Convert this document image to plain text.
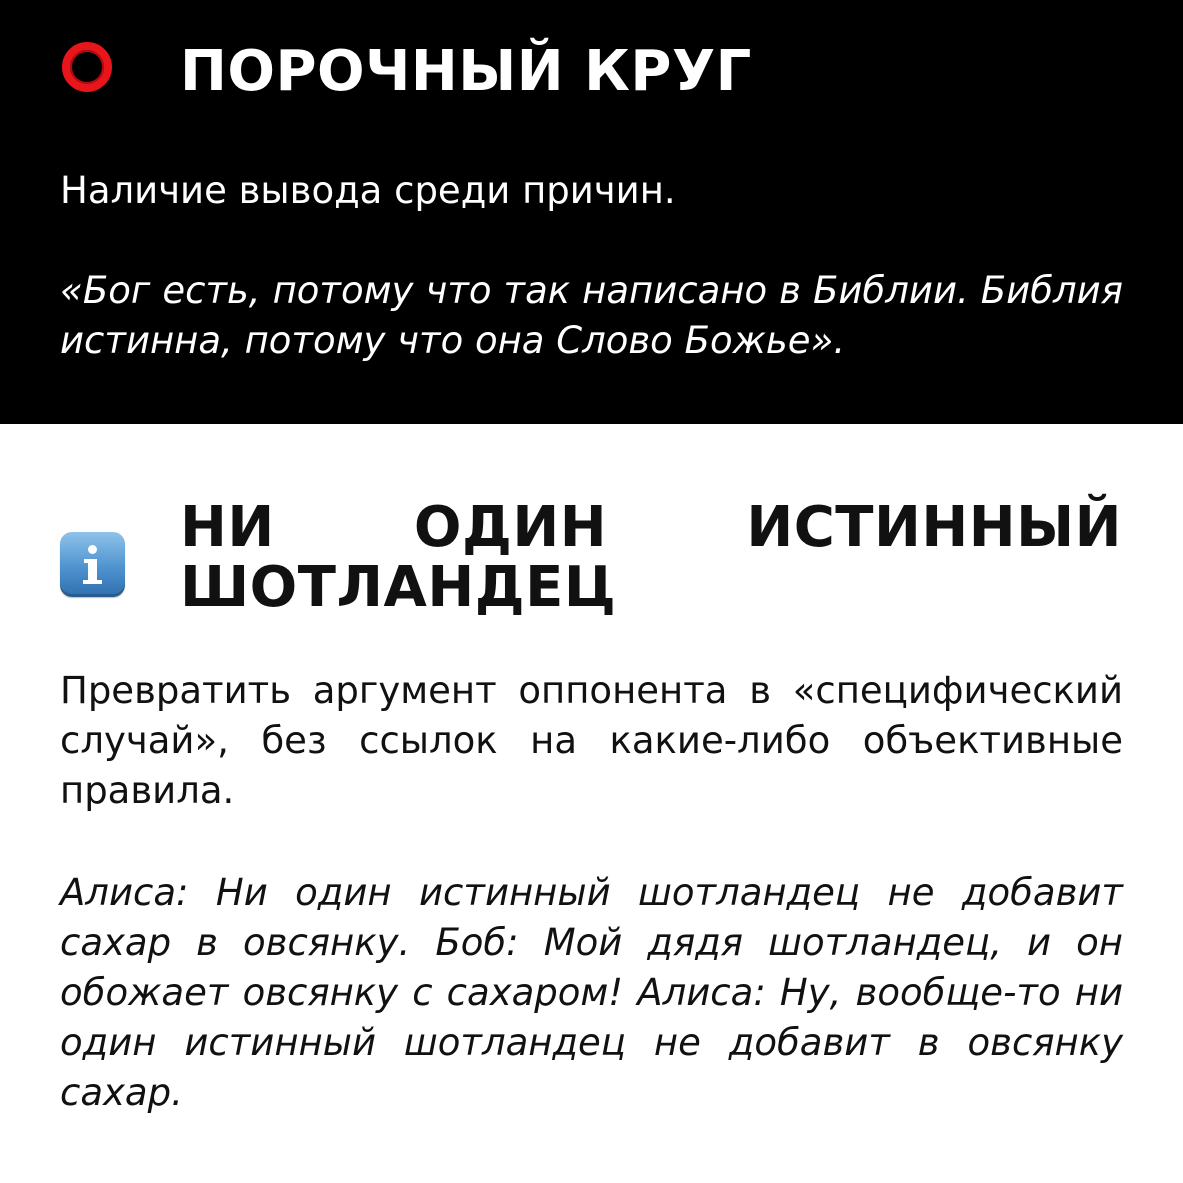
ПОРОЧНЫЙ КРУГ
Наличие вывода среди причин.
«Бог есть, потому что так написано в Библии. Библия истинна, потому что она Слово Божье».
НИ ОДИН ИСТИННЫЙ
ШОТЛАНДЕЦ
Превратить аргумент оппонента в «специфический случай», без ссылок на какие-либо объективные правила.
Алиса: Ни один истинный шотландец не добавит сахар в овсянку. Боб: Мой дядя шотландец, и он обожает овсянку с сахаром! Алиса: Ну, вообще-то ни один истинный шотландец не добавит в овсянку сахар.
